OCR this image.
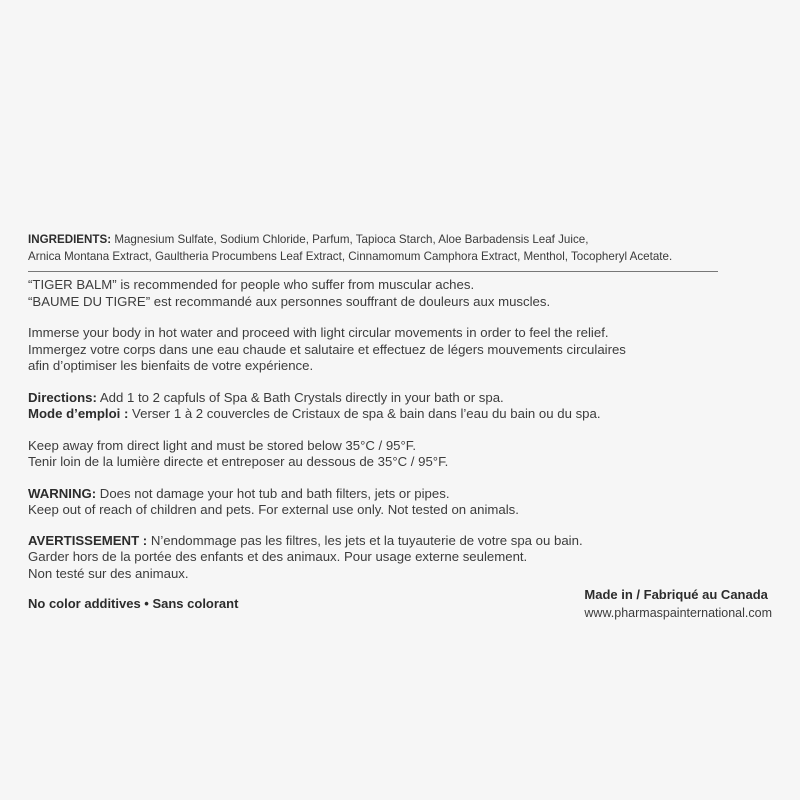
INGREDIENTS: Magnesium Sulfate, Sodium Chloride, Parfum, Tapioca Starch, Aloe Barbadensis Leaf Juice,
Arnica Montana Extract, Gaultheria Procumbens Leaf Extract, Cinnamomum Camphora Extract, Menthol, Tocopheryl Acetate.

“TIGER BALM” is recommended for people who suffer from muscular aches.

“BAUME DU TIGRE” est recommandé aux personnes souffrant de douleurs aux muscles.

Immerse your body in hot water and proceed with light circular movements in order to feel the relief.

Immergez votre corps dans une eau chaude et salutaire et effectuez de légers mouvements circulaires

afin d’optimiser les bienfaits de votre expérience.

Directions: Add 1 to 2 capfuls of Spa & Bath Crystals directly in your bath or spa.

Mode d’emploi : Verser 1 à 2 couvercles de Cristaux de spa & bain dans l’eau du bain ou du spa.

Keep away from direct light and must be stored below 35°C / 95°F.

Tenir loin de la lumière directe et entreposer au dessous de 35°C / 95°F.

WARNING: Does not damage your hot tub and bath filters, jets or pipes.

Keep out of reach of children and pets. For external use only. Not tested on animals.

AVERTISSEMENT : N’endommage pas les filtres, les jets et la tuyauterie de votre spa ou bain.

Garder hors de la portée des enfants et des animaux. Pour usage externe seulement.

Non testé sur des animaux.

No color additives • Sans colorant
Made in / Fabriqué au Canada
www.pharmaspainternational.com
